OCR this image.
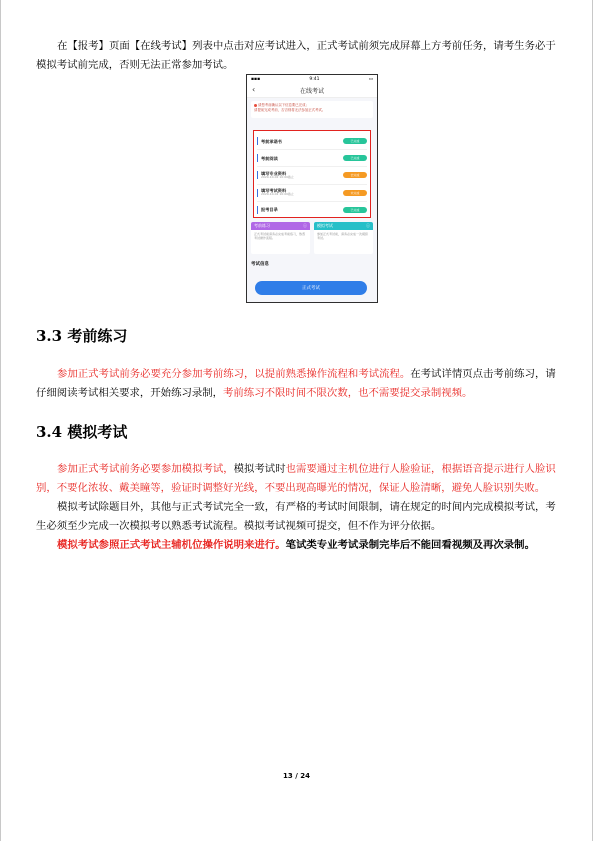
在【报考】页面【在线考试】列表中点击对应考试进入，正式考试前须完成屏幕上方考前任务，请考生务必于
模拟考试前完成，否则无法正常参加考试。

▪▪▪	9:41	▭
‹	在线考试
请您考前确认以下信息要已完成；
请提前完成考前，否否则将无法参加正式考试。
考前承诺书	已完成
考前阅读	已完成
填写专业资料
2020-10-02 10:00截止	去完成
填写考试资料
2020-10-02 10:00截止	未完成
报考目录	已完成
考前练习	ⓘ
正式考试前请务必完成考前练习，熟悉考试操作流程。
模拟考试	ⓘ
参加正式考试前，请务必完成一次模拟考试。
考试信息
正式考试
3.3 考前练习

参加正式考试前务必要充分参加考前练习，以提前熟悉操作流程和考试流程。在考试详情页点击考前练习，请
仔细阅读考试相关要求，开始练习录制，考前练习不限时间不限次数，也不需要提交录制视频。

3.4 模拟考试

参加正式考试前务必要参加模拟考试，模拟考试时也需要通过主机位进行人脸验证，根据语音提示进行人脸识
别，不要化浓妆、戴美瞳等，验证时调整好光线，不要出现高曝光的情况，保证人脸清晰，避免人脸识别失败。

模拟考试除题目外，其他与正式考试完全一致，有严格的考试时间限制，请在规定的时间内完成模拟考试，考
生必须至少完成一次模拟考以熟悉考试流程。模拟考试视频可提交，但不作为评分依据。

模拟考试参照正式考试主辅机位操作说明来进行。笔试类专业考试录制完毕后不能回看视频及再次录制。

13 / 24
